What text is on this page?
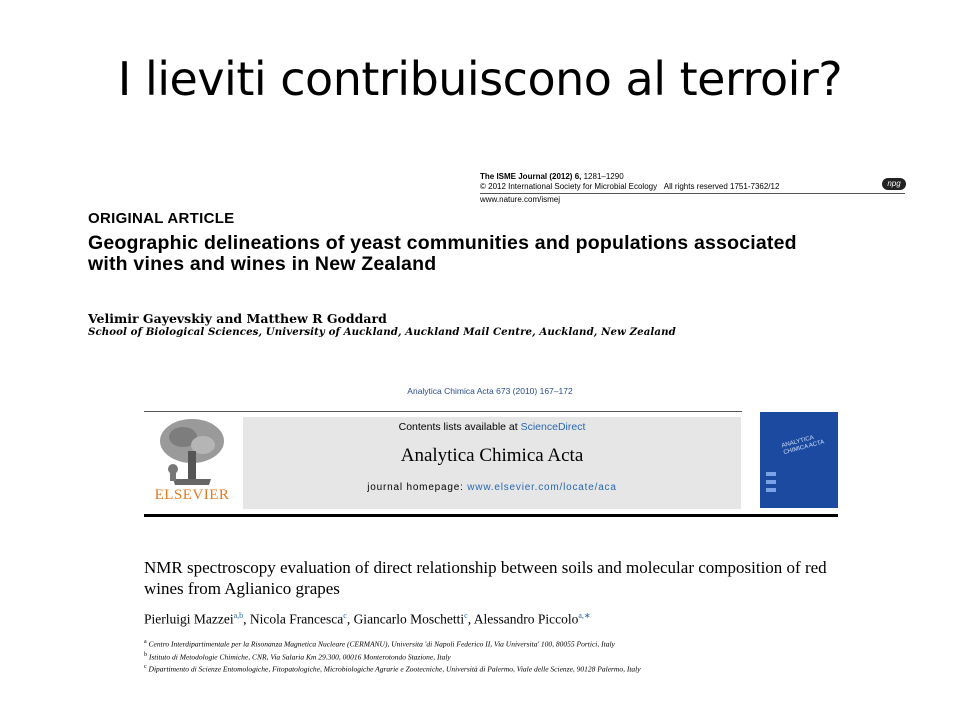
I lieviti contribuiscono al terroir?
The ISME Journal (2012) 6, 1281–1290
© 2012 International Society for Microbial Ecology All rights reserved 1751-7362/12
www.nature.com/ismej
npg
ORIGINAL ARTICLE
Geographic delineations of yeast communities and populations associated with vines and wines in New Zealand
Velimir Gayevskiy and Matthew R Goddard
School of Biological Sciences, University of Auckland, Auckland Mail Centre, Auckland, New Zealand
Analytica Chimica Acta 673 (2010) 167–172
ELSEVIER
Contents lists available at ScienceDirect
Analytica Chimica Acta
journal homepage: www.elsevier.com/locate/aca
ANALYTICA CHIMICA ACTA
NMR spectroscopy evaluation of direct relationship between soils and molecular composition of red wines from Aglianico grapes
Pierluigi Mazzei$^{a,b}$, Nicola Francesca$^c$, Giancarlo Moschetti$^c$, Alessandro Piccolo$^{a,∗}$
$^a$ Centro Interdipartimentale per la Risonanza Magnetica Nucleare (CERMANU), Universita 'di Napoli Federico II, Via Universita' 100, 80055 Portici, Italy
$^b$ Istituto di Metodologie Chimiche, CNR, Via Salaria Km 29.300, 00016 Monterotondo Stazione, Italy
$^c$ Dipartimento di Scienze Entomologiche, Fitopatologiche, Microbiologiche Agrarie e Zootecniche, Università di Palermo, Viale delle Scienze, 90128 Palermo, Italy
